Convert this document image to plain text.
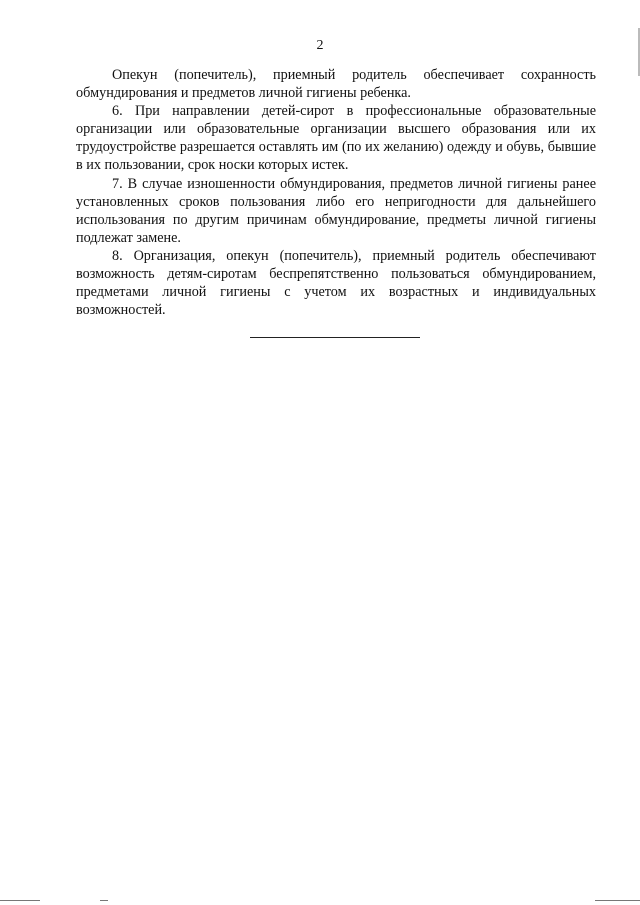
2

Опекун (попечитель), приемный родитель обеспечивает сохранность обмундирования и предметов личной гигиены ребенка.

6. При направлении детей-сирот в профессиональные образовательные организации или образовательные организации высшего образования или их трудоустройстве разрешается оставлять им (по их желанию) одежду и обувь, бывшие в их пользовании, срок носки которых истек.

7. В случае изношенности обмундирования, предметов личной гигиены ранее установленных сроков пользования либо его непригодности для дальнейшего использования по другим причинам обмундирование, предметы личной гигиены подлежат замене.

8. Организация, опекун (попечитель), приемный родитель обеспечивают возможность детям-сиротам беспрепятственно пользоваться обмундированием, предметами личной гигиены с учетом их возрастных и индивидуальных возможностей.
